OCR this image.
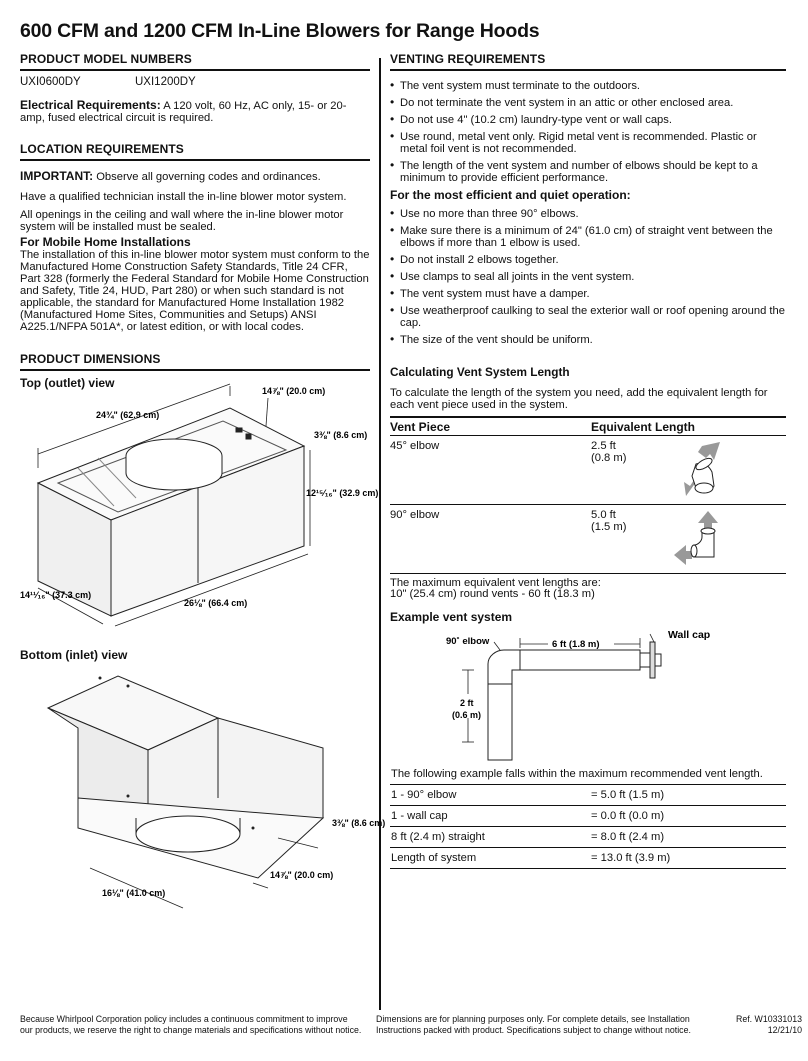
600 CFM and 1200 CFM In-Line Blowers for Range Hoods
PRODUCT MODEL NUMBERS
UXI0600DY	UXI1200DY

Electrical Requirements: A 120 volt, 60 Hz, AC only, 15- or 20-amp, fused electrical circuit is required.

LOCATION REQUIREMENTS

IMPORTANT: Observe all governing codes and ordinances.

Have a qualified technician install the in-line blower motor system.

All openings in the ceiling and wall where the in-line blower motor system will be installed must be sealed.

For Mobile Home Installations

The installation of this in-line blower motor system must conform to the Manufactured Home Construction Safety Standards, Title 24 CFR, Part 328 (formerly the Federal Standard for Mobile Home Construction and Safety, Title 24, HUD, Part 280) or when such standard is not applicable, the standard for Manufactured Home Installation 1982 (Manufactured Home Sites, Communities and Setups) ANSI A225.1/NFPA 501A*, or latest edition, or with local codes.

PRODUCT DIMENSIONS

Top (outlet) view

24¾" (62.9 cm)
14⅞" (20.0 cm)
3⅜" (8.6 cm)
12¹⁵⁄₁₆" (32.9 cm)
14¹¹⁄₁₆" (37.3 cm)
26⅛" (66.4 cm)

Bottom (inlet) view

3⅜" (8.6 cm)
14⅞" (20.0 cm)
16⅛" (41.0 cm)
VENTING REQUIREMENTS
• The vent system must terminate to the outdoors.
• Do not terminate the vent system in an attic or other enclosed area.
• Do not use 4" (10.2 cm) laundry-type vent or wall caps.
• Use round, metal vent only. Rigid metal vent is recommended. Plastic or metal foil vent is not recommended.
• The length of the vent system and number of elbows should be kept to a minimum to provide efficient performance.

For the most efficient and quiet operation:

• Use no more than three 90° elbows.
• Make sure there is a minimum of 24" (61.0 cm) of straight vent between the elbows if more than 1 elbow is used.
• Do not install 2 elbows together.
• Use clamps to seal all joints in the vent system.
• The vent system must have a damper.
• Use weatherproof caulking to seal the exterior wall or roof opening around the cap.
• The size of the vent should be uniform.

Calculating Vent System Length

To calculate the length of the system you need, add the equivalent length for each vent piece used in the system.

Vent Piece	Equivalent Length
45° elbow	2.5 ft
(0.8 m)
90° elbow	5.0 ft
(1.5 m)

The maximum equivalent vent lengths are:

10" (25.4 cm) round vents - 60 ft (18.3 m)

Example vent system

90˚ elbow	6 ft (1.8 m)
Wall cap
2 ft
(0.6 m)

The following example falls within the maximum recommended vent length.

1 - 90° elbow	= 5.0 ft (1.5 m)
1 - wall cap	= 0.0 ft (0.0 m)
8 ft (2.4 m) straight	= 8.0 ft (2.4 m)
Length of system	= 13.0 ft (3.9 m)
Because Whirlpool Corporation policy includes a continuous commitment to improve
our products, we reserve the right to change materials and specifications without notice.
Dimensions are for planning purposes only. For complete details, see Installation
Instructions packed with product. Specifications subject to change without notice.
Ref. W10331013
12/21/10
